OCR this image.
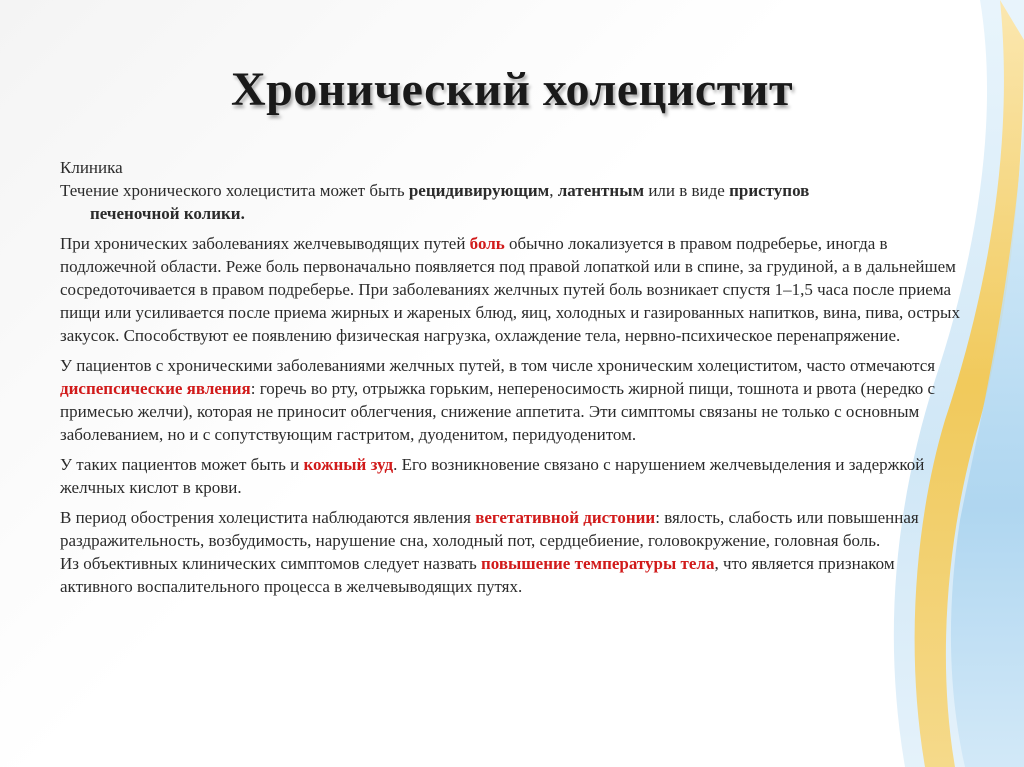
Хронический холецистит

Клиника

Течение хронического холецистита может быть рецидивирующим, латентным или в виде приступов
печеночной колики.

При хронических заболеваниях желчевыводящих путей боль обычно локализуется в правом подреберье, иногда в подложечной области. Реже боль первоначально появляется под правой лопаткой или в спине, за грудиной, а в дальнейшем сосредоточивается в правом подреберье. При заболеваниях желчных путей боль возникает спустя 1–1,5 часа после приема пищи или усиливается после приема жирных и жареных блюд, яиц, холодных и газированных напитков, вина, пива, острых закусок. Способствуют ее появлению физическая нагрузка, охлаждение тела, нервно-психическое перенапряжение.

У пациентов с хроническими заболеваниями желчных путей, в том числе хроническим холециститом, часто отмечаются диспепсические явления: горечь во рту, отрыжка горьким, непереносимость жирной пищи, тошнота и рвота (нередко с примесью желчи), которая не приносит облегчения, снижение аппетита. Эти симптомы связаны не только с основным заболеванием, но и с сопутствующим гастритом, дуоденитом, перидуоденитом.

У таких пациентов может быть и кожный зуд. Его возникновение связано с нарушением желчевыделения и задержкой желчных кислот в крови.

В период обострения холецистита наблюдаются явления вегетативной дистонии: вялость, слабость или повышенная раздражительность, возбудимость, нарушение сна, холодный пот, сердцебиение, головокружение, головная боль.

Из объективных клинических симптомов следует назвать повышение температуры тела, что является признаком активного воспалительного процесса в желчевыводящих путях.
